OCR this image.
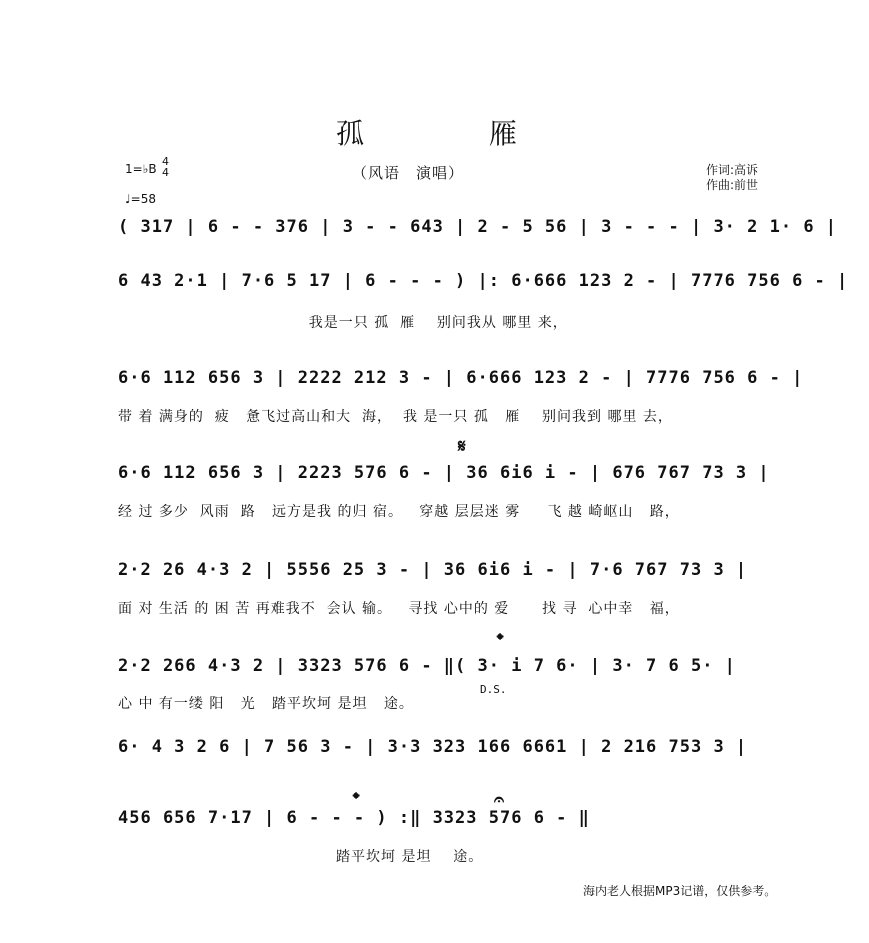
孤 雁
（风语　演唱）
1=♭B
4
4
♩=58
作词:高诉
作曲:前世
( 317 | 6 - - 376 | 3 - - 643 | 2 - 5 56 | 3 - - - | 3· 2 1· 6 |
6 43 2·1 | 7·6 5 17 | 6 - - - ) |: 6·666 123 2 - | 7776 756 6 - |
我是一只 孤  雁    别问我从 哪里 来，
6·6 112 656 3 | 2222 212 3 - | 6·666 123 2 - | 7776 756 6 - |
带 着 满身的  疲   惫飞过高山和大  海，  我 是一只 孤   雁    别问我到 哪里 去，
𝄋
6·6 112 656 3 | 2223 576 6 - | 36 6i6 i - | 676 767 73 3 |
经 过 多少  风雨  路   远方是我 的归 宿。   穿越 层层迷 雾     飞 越 崎岖山   路，
2·2 26 4·3 2 | 5556 25 3 - | 36 6i6 i - | 7·6 767 73 3 |
面 对 生活 的 困 苦 再难我不  会认 输。   寻找 心中的 爱      找 寻  心中幸   福，
𝄌
2·2 266 4·3 2 | 3323 576 6 - ‖( 3· i 7 6· | 3· 7 6 5· |
D.S.
心 中 有一缕 阳   光   踏平坎坷 是坦   途。
6· 4 3 2 6 | 7 56 3 - | 3·3 323 166 6661 | 2 216 753 3 |
𝄌	𝄐
456 656 7·17 | 6 - - - ) :‖ 3323 576 6 - ‖
踏平坎坷 是坦    途。
海内老人根据MP3记谱，仅供参考。
